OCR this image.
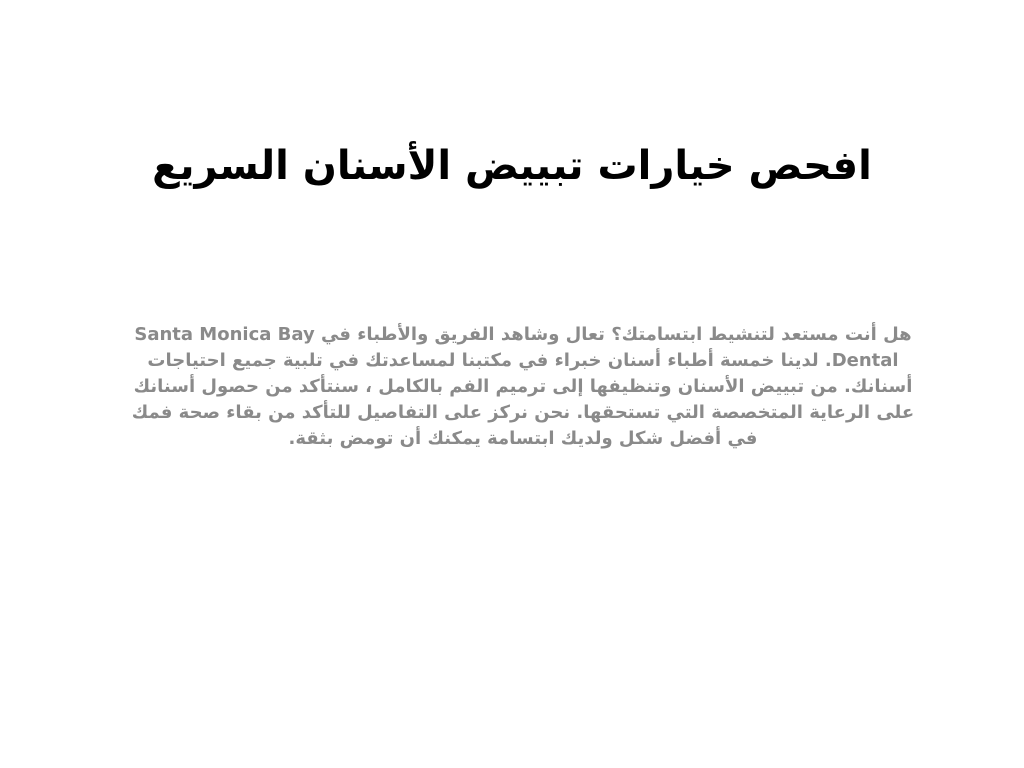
افحص خيارات تبييض الأسنان السريع

هل أنت مستعد لتنشيط ابتسامتك؟ تعال وشاهد الفريق والأطباء في Santa Monica Bay Dental. لدينا خمسة أطباء أسنان خبراء في مكتبنا لمساعدتك في تلبية جميع احتياجات أسنانك. من تبييض الأسنان وتنظيفها إلى ترميم الفم بالكامل ، سنتأكد من حصول أسنانك على الرعاية المتخصصة التي تستحقها. نحن نركز على التفاصيل للتأكد من بقاء صحة فمك في أفضل شكل ولديك ابتسامة يمكنك أن تومض بثقة.
